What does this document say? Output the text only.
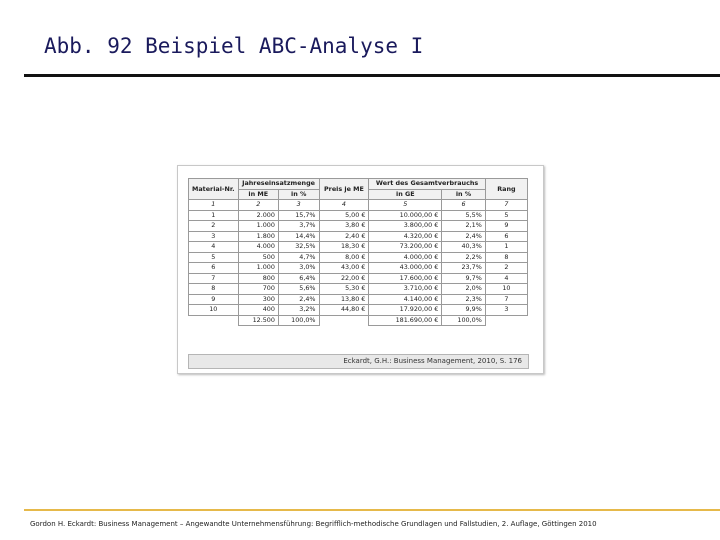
Abb. 92 Beispiel ABC-Analyse I
Material-Nr.	Jahreseinsatzmenge		Preis je ME	Wert des Gesamtverbrauchs		Rang
	in ME	in %		in GE	in %	
1	2	3	4	5	6	7
1	2.000	15,7%	5,00 €	10.000,00 €	5,5%	5
2	1.000	3,7%	3,80 €	3.800,00 €	2,1%	9
3	1.800	14,4%	2,40 €	4.320,00 €	2,4%	6
4	4.000	32,5%	18,30 €	73.200,00 €	40,3%	1
5	500	4,7%	8,00 €	4.000,00 €	2,2%	8
6	1.000	3,0%	43,00 €	43.000,00 €	23,7%	2
7	800	6,4%	22,00 €	17.600,00 €	9,7%	4
8	700	5,6%	5,30 €	3.710,00 €	2,0%	10
9	300	2,4%	13,80 €	4.140,00 €	2,3%	7
10	400	3,2%	44,80 €	17.920,00 €	9,9%	3
	12.500	100,0%		181.690,00 €	100,0%	
Eckardt, G.H.: Business Management, 2010, S. 176
Gordon H. Eckardt: Business Management – Angewandte Unternehmensführung: Begrifflich-methodische Grundlagen und Fallstudien, 2. Auflage, Göttingen 2010
